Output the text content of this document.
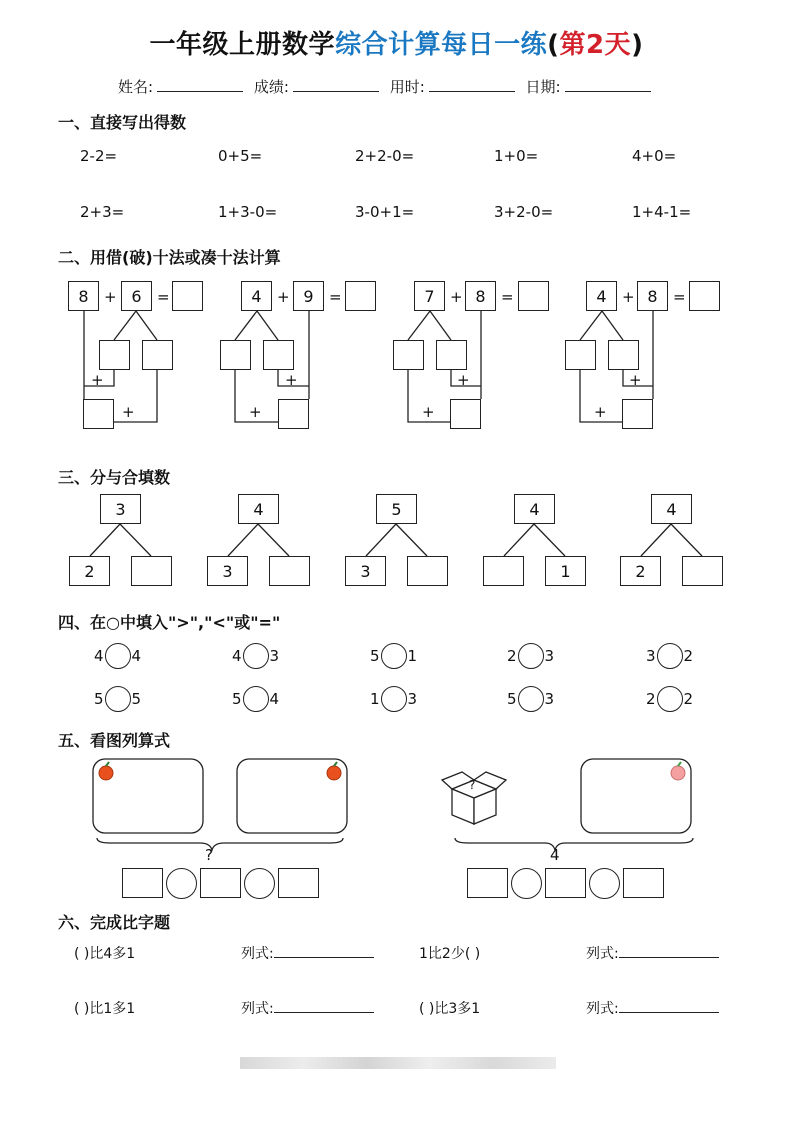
一年级上册数学综合计算每日一练(第2天)
姓名:	成绩:	用时:	日期:
一、直接写出得数
2-2=	0+5=	2+2-0=	1+0=	4+0=
2+3=	1+3-0=	3-0+1=	3+2-0=	1+4-1=
二、用借(破)十法或凑十法计算
8	+ 6	=
+
+
4	+ 9	=
+
+
7	+ 8	=
+
+
4	+ 8	=
+
+
三、分与合填数
3
2
4
3
5
3
4
1
4
2
四、在○中填入">","<"或"="
4 4	4 3	5 1	2 3	3 2
5 5	5 4	1 3	5 3	2 2
五、看图列算式
?
?	4
六、完成比字题
( )比4多1	列式:	1比2少( )	列式:
( )比1多1	列式:	( )比3多1	列式:
